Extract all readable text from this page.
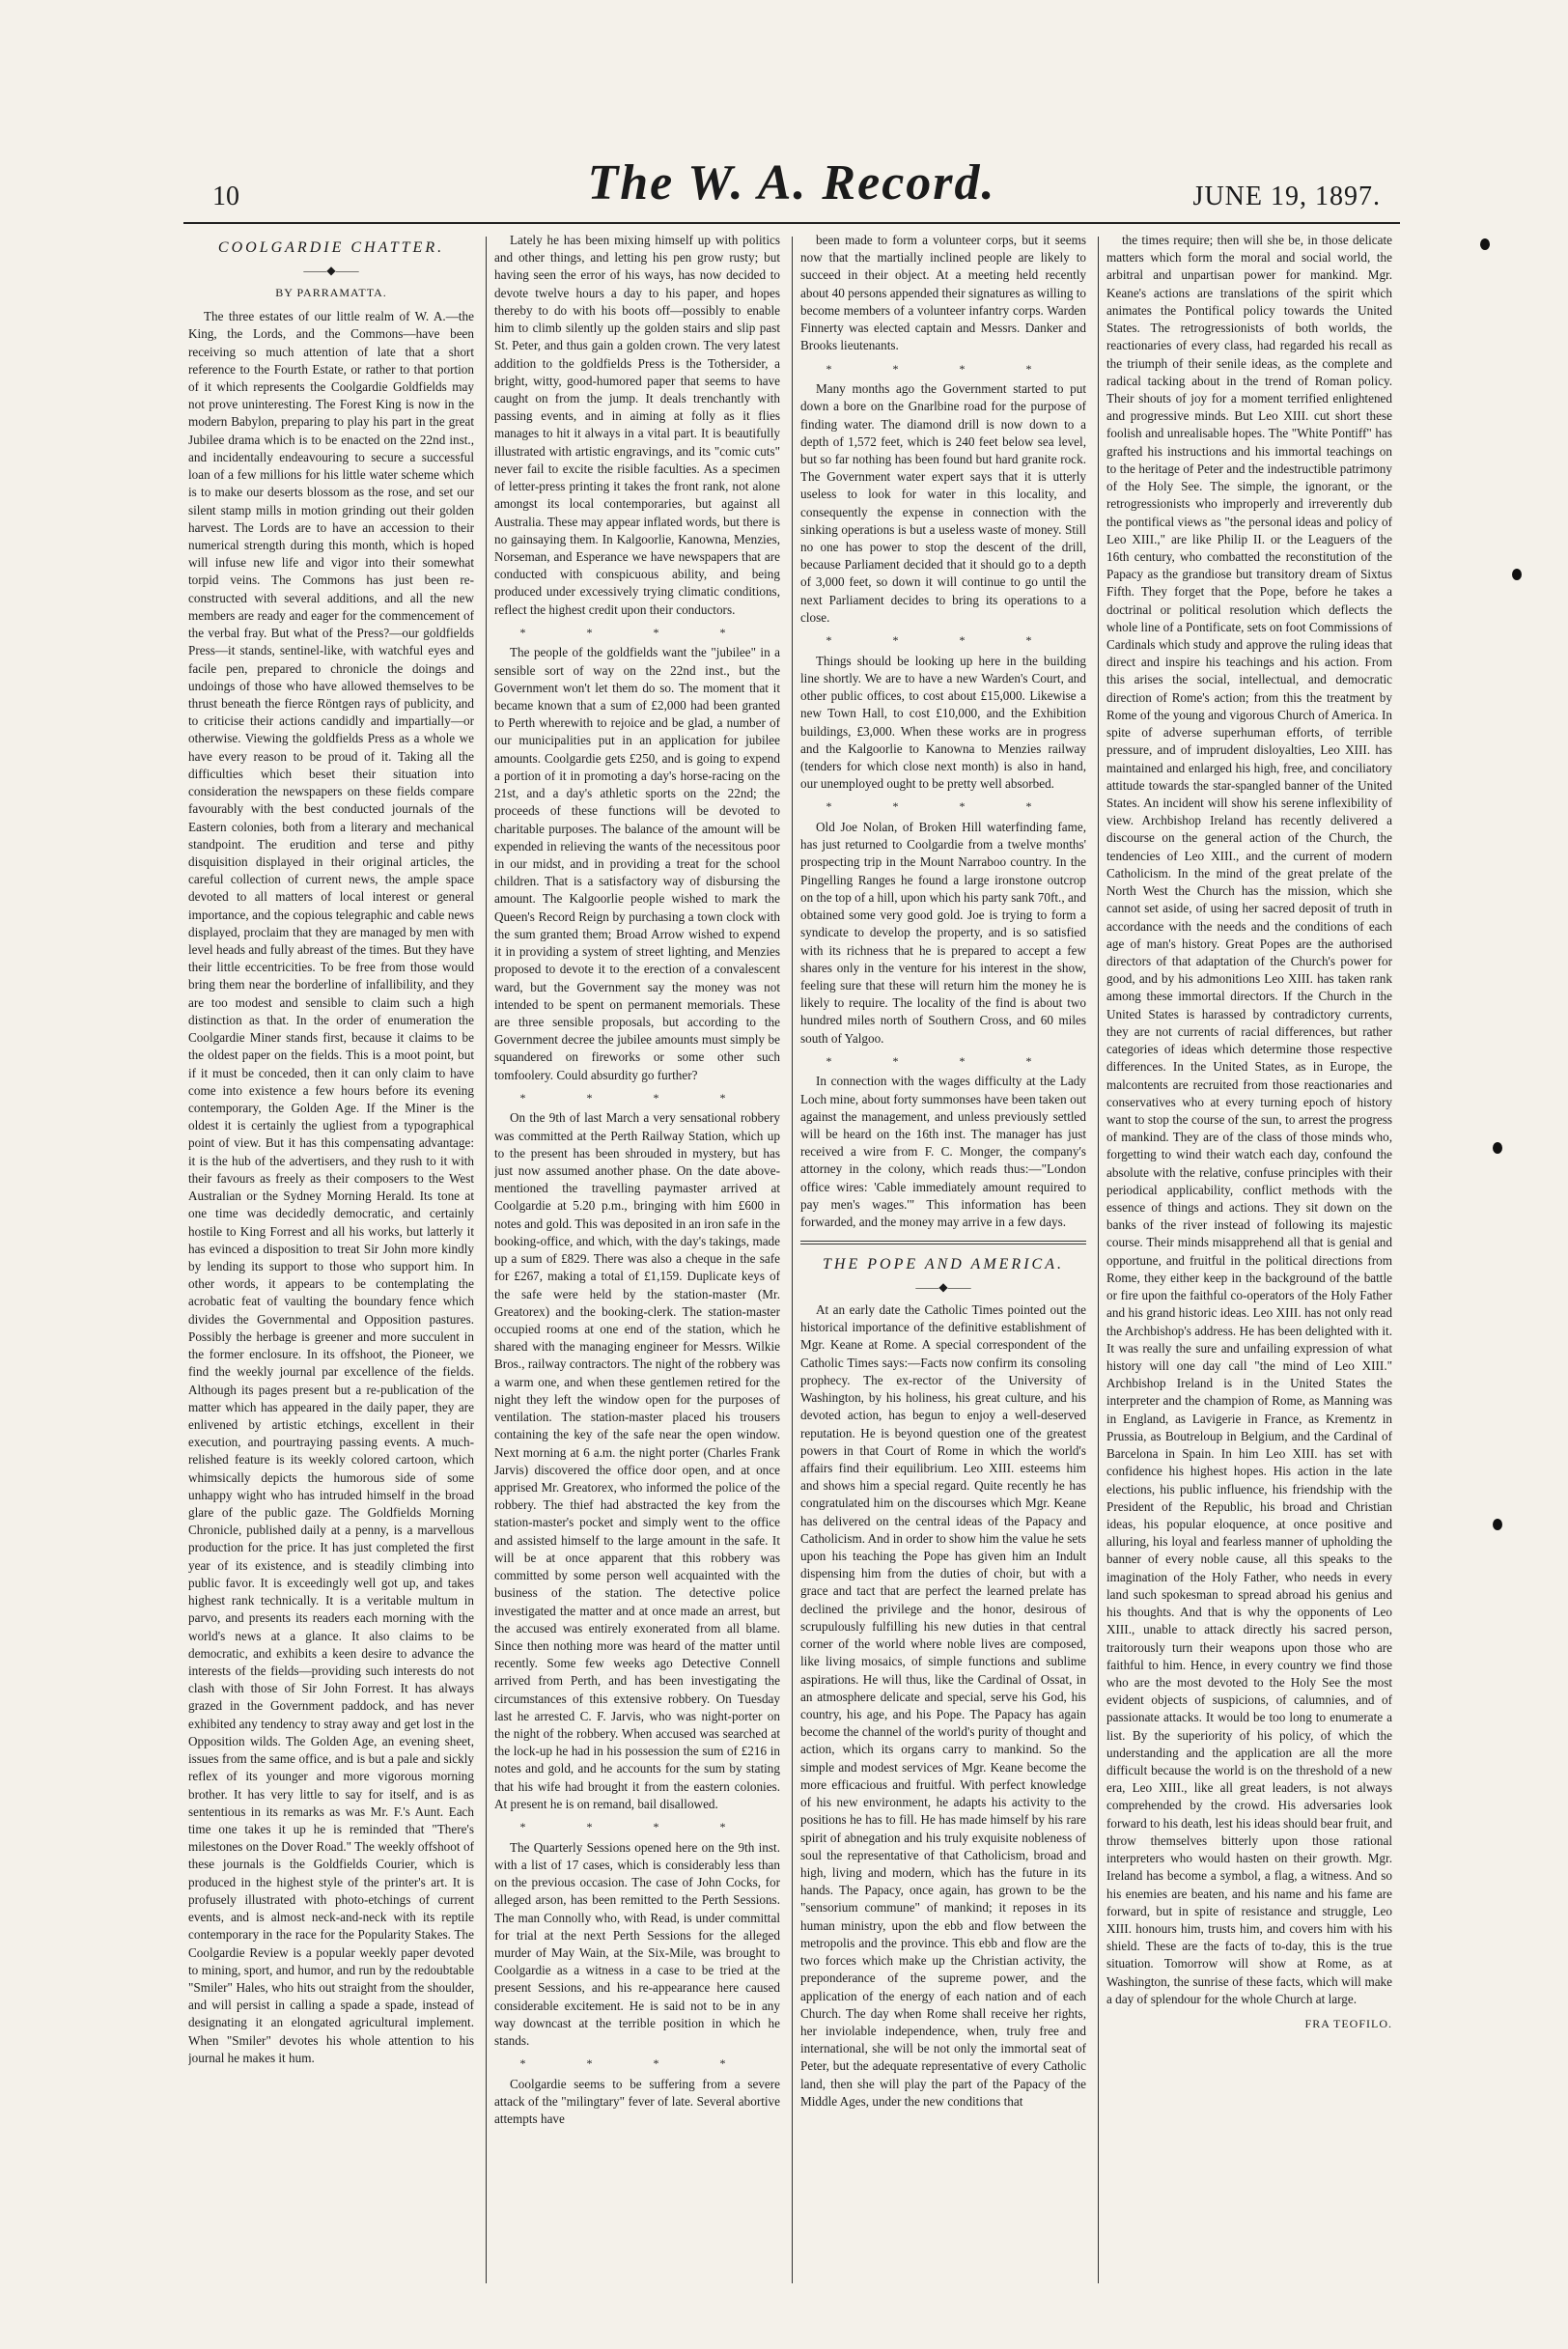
10	The W. A. Record.	JUNE 19, 1897.
COOLGARDIE CHATTER.
——◆——
BY PARRAMATTA.

The three estates of our little realm of W. A.—the King, the Lords, and the Commons—have been receiving so much attention of late that a short reference to the Fourth Estate, or rather to that portion of it which represents the Coolgardie Goldfields may not prove uninteresting. The Forest King is now in the modern Babylon, preparing to play his part in the great Jubilee drama which is to be enacted on the 22nd inst., and incidentally endeavouring to secure a successful loan of a few millions for his little water scheme which is to make our deserts blossom as the rose, and set our silent stamp mills in motion grinding out their golden harvest. The Lords are to have an accession to their numerical strength during this month, which is hoped will infuse new life and vigor into their somewhat torpid veins. The Commons has just been re-constructed with several additions, and all the new members are ready and eager for the commencement of the verbal fray. But what of the Press?—our goldfields Press—it stands, sentinel-like, with watchful eyes and facile pen, prepared to chronicle the doings and undoings of those who have allowed themselves to be thrust beneath the fierce Röntgen rays of publicity, and to criticise their actions candidly and impartially—or otherwise. Viewing the goldfields Press as a whole we have every reason to be proud of it. Taking all the difficulties which beset their situation into consideration the newspapers on these fields compare favourably with the best conducted journals of the Eastern colonies, both from a literary and mechanical standpoint. The erudition and terse and pithy disquisition displayed in their original articles, the careful collection of current news, the ample space devoted to all matters of local interest or general importance, and the copious telegraphic and cable news displayed, proclaim that they are managed by men with level heads and fully abreast of the times. But they have their little eccentricities. To be free from those would bring them near the borderline of infallibility, and they are too modest and sensible to claim such a high distinction as that. In the order of enumeration the Coolgardie Miner stands first, because it claims to be the oldest paper on the fields. This is a moot point, but if it must be conceded, then it can only claim to have come into existence a few hours before its evening contemporary, the Golden Age. If the Miner is the oldest it is certainly the ugliest from a typographical point of view. But it has this compensating advantage: it is the hub of the advertisers, and they rush to it with their favours as freely as their composers to the West Australian or the Sydney Morning Herald. Its tone at one time was decidedly democratic, and certainly hostile to King Forrest and all his works, but latterly it has evinced a disposition to treat Sir John more kindly by lending its support to those who support him. In other words, it appears to be contemplating the acrobatic feat of vaulting the boundary fence which divides the Governmental and Opposition pastures. Possibly the herbage is greener and more succulent in the former enclosure. In its offshoot, the Pioneer, we find the weekly journal par excellence of the fields. Although its pages present but a re-publication of the matter which has appeared in the daily paper, they are enlivened by artistic etchings, excellent in their execution, and pourtraying passing events. A much-relished feature is its weekly colored cartoon, which whimsically depicts the humorous side of some unhappy wight who has intruded himself in the broad glare of the public gaze. The Goldfields Morning Chronicle, published daily at a penny, is a marvellous production for the price. It has just completed the first year of its existence, and is steadily climbing into public favor. It is exceedingly well got up, and takes highest rank technically. It is a veritable multum in parvo, and presents its readers each morning with the world's news at a glance. It also claims to be democratic, and exhibits a keen desire to advance the interests of the fields—providing such interests do not clash with those of Sir John Forrest. It has always grazed in the Government paddock, and has never exhibited any tendency to stray away and get lost in the Opposition wilds. The Golden Age, an evening sheet, issues from the same office, and is but a pale and sickly reflex of its younger and more vigorous morning brother. It has very little to say for itself, and is as sententious in its remarks as was Mr. F.'s Aunt. Each time one takes it up he is reminded that "There's milestones on the Dover Road." The weekly offshoot of these journals is the Goldfields Courier, which is produced in the highest style of the printer's art. It is profusely illustrated with photo-etchings of current events, and is almost neck-and-neck with its reptile contemporary in the race for the Popularity Stakes. The Coolgardie Review is a popular weekly paper devoted to mining, sport, and humor, and run by the redoubtable "Smiler" Hales, who hits out straight from the shoulder, and will persist in calling a spade a spade, instead of designating it an elongated agricultural implement. When "Smiler" devotes his whole attention to his journal he makes it hum.

Lately he has been mixing himself up with politics and other things, and letting his pen grow rusty; but having seen the error of his ways, has now decided to devote twelve hours a day to his paper, and hopes thereby to do with his boots off—possibly to enable him to climb silently up the golden stairs and slip past St. Peter, and thus gain a golden crown. The very latest addition to the goldfields Press is the Tothersider, a bright, witty, good-humored paper that seems to have caught on from the jump. It deals trenchantly with passing events, and in aiming at folly as it flies manages to hit it always in a vital part. It is beautifully illustrated with artistic engravings, and its "comic cuts" never fail to excite the risible faculties. As a specimen of letter-press printing it takes the front rank, not alone amongst its local contemporaries, but against all Australia. These may appear inflated words, but there is no gainsaying them. In Kalgoorlie, Kanowna, Menzies, Norseman, and Esperance we have newspapers that are conducted with conspicuous ability, and being produced under excessively trying climatic conditions, reflect the highest credit upon their conductors.

* * * *

The people of the goldfields want the "jubilee" in a sensible sort of way on the 22nd inst., but the Government won't let them do so. The moment that it became known that a sum of £2,000 had been granted to Perth wherewith to rejoice and be glad, a number of our municipalities put in an application for jubilee amounts. Coolgardie gets £250, and is going to expend a portion of it in promoting a day's horse-racing on the 21st, and a day's athletic sports on the 22nd; the proceeds of these functions will be devoted to charitable purposes. The balance of the amount will be expended in relieving the wants of the necessitous poor in our midst, and in providing a treat for the school children. That is a satisfactory way of disbursing the amount. The Kalgoorlie people wished to mark the Queen's Record Reign by purchasing a town clock with the sum granted them; Broad Arrow wished to expend it in providing a system of street lighting, and Menzies proposed to devote it to the erection of a convalescent ward, but the Government say the money was not intended to be spent on permanent memorials. These are three sensible proposals, but according to the Government decree the jubilee amounts must simply be squandered on fireworks or some other such tomfoolery. Could absurdity go further?

* * * *

On the 9th of last March a very sensational robbery was committed at the Perth Railway Station, which up to the present has been shrouded in mystery, but has just now assumed another phase. On the date above-mentioned the travelling paymaster arrived at Coolgardie at 5.20 p.m., bringing with him £600 in notes and gold. This was deposited in an iron safe in the booking-office, and which, with the day's takings, made up a sum of £829. There was also a cheque in the safe for £267, making a total of £1,159. Duplicate keys of the safe were held by the station-master (Mr. Greatorex) and the booking-clerk. The station-master occupied rooms at one end of the station, which he shared with the managing engineer for Messrs. Wilkie Bros., railway contractors. The night of the robbery was a warm one, and when these gentlemen retired for the night they left the window open for the purposes of ventilation. The station-master placed his trousers containing the key of the safe near the open window. Next morning at 6 a.m. the night porter (Charles Frank Jarvis) discovered the office door open, and at once apprised Mr. Greatorex, who informed the police of the robbery. The thief had abstracted the key from the station-master's pocket and simply went to the office and assisted himself to the large amount in the safe. It will be at once apparent that this robbery was committed by some person well acquainted with the business of the station. The detective police investigated the matter and at once made an arrest, but the accused was entirely exonerated from all blame. Since then nothing more was heard of the matter until recently. Some few weeks ago Detective Connell arrived from Perth, and has been investigating the circumstances of this extensive robbery. On Tuesday last he arrested C. F. Jarvis, who was night-porter on the night of the robbery. When accused was searched at the lock-up he had in his possession the sum of £216 in notes and gold, and he accounts for the sum by stating that his wife had brought it from the eastern colonies. At present he is on remand, bail disallowed.

* * * *

The Quarterly Sessions opened here on the 9th inst. with a list of 17 cases, which is considerably less than on the previous occasion. The case of John Cocks, for alleged arson, has been remitted to the Perth Sessions. The man Connolly who, with Read, is under committal for trial at the next Perth Sessions for the alleged murder of May Wain, at the Six-Mile, was brought to Coolgardie as a witness in a case to be tried at the present Sessions, and his re-appearance here caused considerable excitement. He is said not to be in any way downcast at the terrible position in which he stands.

* * * *

Coolgardie seems to be suffering from a severe attack of the "milingtary" fever of late. Several abortive attempts have

been made to form a volunteer corps, but it seems now that the martially inclined people are likely to succeed in their object. At a meeting held recently about 40 persons appended their signatures as willing to become members of a volunteer infantry corps. Warden Finnerty was elected captain and Messrs. Danker and Brooks lieutenants.

* * * *

Many months ago the Government started to put down a bore on the Gnarlbine road for the purpose of finding water. The diamond drill is now down to a depth of 1,572 feet, which is 240 feet below sea level, but so far nothing has been found but hard granite rock. The Government water expert says that it is utterly useless to look for water in this locality, and consequently the expense in connection with the sinking operations is but a useless waste of money. Still no one has power to stop the descent of the drill, because Parliament decided that it should go to a depth of 3,000 feet, so down it will continue to go until the next Parliament decides to bring its operations to a close.

* * * *

Things should be looking up here in the building line shortly. We are to have a new Warden's Court, and other public offices, to cost about £15,000. Likewise a new Town Hall, to cost £10,000, and the Exhibition buildings, £3,000. When these works are in progress and the Kalgoorlie to Kanowna to Menzies railway (tenders for which close next month) is also in hand, our unemployed ought to be pretty well absorbed.

* * * *

Old Joe Nolan, of Broken Hill waterfinding fame, has just returned to Coolgardie from a twelve months' prospecting trip in the Mount Narraboo country. In the Pingelling Ranges he found a large ironstone outcrop on the top of a hill, upon which his party sank 70ft., and obtained some very good gold. Joe is trying to form a syndicate to develop the property, and is so satisfied with its richness that he is prepared to accept a few shares only in the venture for his interest in the show, feeling sure that these will return him the money he is likely to require. The locality of the find is about two hundred miles north of Southern Cross, and 60 miles south of Yalgoo.

* * * *

In connection with the wages difficulty at the Lady Loch mine, about forty summonses have been taken out against the management, and unless previously settled will be heard on the 16th inst. The manager has just received a wire from F. C. Monger, the company's attorney in the colony, which reads thus:—"London office wires: 'Cable immediately amount required to pay men's wages.'" This information has been forwarded, and the money may arrive in a few days.

THE POPE AND AMERICA.
——◆——

At an early date the Catholic Times pointed out the historical importance of the definitive establishment of Mgr. Keane at Rome. A special correspondent of the Catholic Times says:—Facts now confirm its consoling prophecy. The ex-rector of the University of Washington, by his holiness, his great culture, and his devoted action, has begun to enjoy a well-deserved reputation. He is beyond question one of the greatest powers in that Court of Rome in which the world's affairs find their equilibrium. Leo XIII. esteems him and shows him a special regard. Quite recently he has congratulated him on the discourses which Mgr. Keane has delivered on the central ideas of the Papacy and Catholicism. And in order to show him the value he sets upon his teaching the Pope has given him an Indult dispensing him from the duties of choir, but with a grace and tact that are perfect the learned prelate has declined the privilege and the honor, desirous of scrupulously fulfilling his new duties in that central corner of the world where noble lives are composed, like living mosaics, of simple functions and sublime aspirations. He will thus, like the Cardinal of Ossat, in an atmosphere delicate and special, serve his God, his country, his age, and his Pope. The Papacy has again become the channel of the world's purity of thought and action, which its organs carry to mankind. So the simple and modest services of Mgr. Keane become the more efficacious and fruitful. With perfect knowledge of his new environment, he adapts his activity to the positions he has to fill. He has made himself by his rare spirit of abnegation and his truly exquisite nobleness of soul the representative of that Catholicism, broad and high, living and modern, which has the future in its hands. The Papacy, once again, has grown to be the "sensorium commune" of mankind; it reposes in its human ministry, upon the ebb and flow between the metropolis and the province. This ebb and flow are the two forces which make up the Christian activity, the preponderance of the supreme power, and the application of the energy of each nation and of each Church. The day when Rome shall receive her rights, her inviolable independence, when, truly free and international, she will be not only the immortal seat of Peter, but the adequate representative of every Catholic land, then she will play the part of the Papacy of the Middle Ages, under the new conditions that

the times require; then will she be, in those delicate matters which form the moral and social world, the arbitral and unpartisan power for mankind. Mgr. Keane's actions are translations of the spirit which animates the Pontifical policy towards the United States. The retrogressionists of both worlds, the reactionaries of every class, had regarded his recall as the triumph of their senile ideas, as the complete and radical tacking about in the trend of Roman policy. Their shouts of joy for a moment terrified enlightened and progressive minds. But Leo XIII. cut short these foolish and unrealisable hopes. The "White Pontiff" has grafted his instructions and his immortal teachings on to the heritage of Peter and the indestructible patrimony of the Holy See. The simple, the ignorant, or the retrogressionists who improperly and irreverently dub the pontifical views as "the personal ideas and policy of Leo XIII.," are like Philip II. or the Leaguers of the 16th century, who combatted the reconstitution of the Papacy as the grandiose but transitory dream of Sixtus Fifth. They forget that the Pope, before he takes a doctrinal or political resolution which deflects the whole line of a Pontificate, sets on foot Commissions of Cardinals which study and approve the ruling ideas that direct and inspire his teachings and his action. From this arises the social, intellectual, and democratic direction of Rome's action; from this the treatment by Rome of the young and vigorous Church of America. In spite of adverse superhuman efforts, of terrible pressure, and of imprudent disloyalties, Leo XIII. has maintained and enlarged his high, free, and conciliatory attitude towards the star-spangled banner of the United States. An incident will show his serene inflexibility of view. Archbishop Ireland has recently delivered a discourse on the general action of the Church, the tendencies of Leo XIII., and the current of modern Catholicism. In the mind of the great prelate of the North West the Church has the mission, which she cannot set aside, of using her sacred deposit of truth in accordance with the needs and the conditions of each age of man's history. Great Popes are the authorised directors of that adaptation of the Church's power for good, and by his admonitions Leo XIII. has taken rank among these immortal directors. If the Church in the United States is harassed by contradictory currents, they are not currents of racial differences, but rather categories of ideas which determine those respective differences. In the United States, as in Europe, the malcontents are recruited from those reactionaries and conservatives who at every turning epoch of history want to stop the course of the sun, to arrest the progress of mankind. They are of the class of those minds who, forgetting to wind their watch each day, confound the absolute with the relative, confuse principles with their periodical applicability, conflict methods with the essence of things and actions. They sit down on the banks of the river instead of following its majestic course. Their minds misapprehend all that is genial and opportune, and fruitful in the political directions from Rome, they either keep in the background of the battle or fire upon the faithful co-operators of the Holy Father and his grand historic ideas. Leo XIII. has not only read the Archbishop's address. He has been delighted with it. It was really the sure and unfailing expression of what history will one day call "the mind of Leo XIII." Archbishop Ireland is in the United States the interpreter and the champion of Rome, as Manning was in England, as Lavigerie in France, as Krementz in Prussia, as Boutreloup in Belgium, and the Cardinal of Barcelona in Spain. In him Leo XIII. has set with confidence his highest hopes. His action in the late elections, his public influence, his friendship with the President of the Republic, his broad and Christian ideas, his popular eloquence, at once positive and alluring, his loyal and fearless manner of upholding the banner of every noble cause, all this speaks to the imagination of the Holy Father, who needs in every land such spokesman to spread abroad his genius and his thoughts. And that is why the opponents of Leo XIII., unable to attack directly his sacred person, traitorously turn their weapons upon those who are faithful to him. Hence, in every country we find those who are the most devoted to the Holy See the most evident objects of suspicions, of calumnies, and of passionate attacks. It would be too long to enumerate a list. By the superiority of his policy, of which the understanding and the application are all the more difficult because the world is on the threshold of a new era, Leo XIII., like all great leaders, is not always comprehended by the crowd. His adversaries look forward to his death, lest his ideas should bear fruit, and throw themselves bitterly upon those rational interpreters who would hasten on their growth. Mgr. Ireland has become a symbol, a flag, a witness. And so his enemies are beaten, and his name and his fame are forward, but in spite of resistance and struggle, Leo XIII. honours him, trusts him, and covers him with his shield. These are the facts of to-day, this is the true situation. Tomorrow will show at Rome, as at Washington, the sunrise of these facts, which will make a day of splendour for the whole Church at large.

FRA TEOFILO.
